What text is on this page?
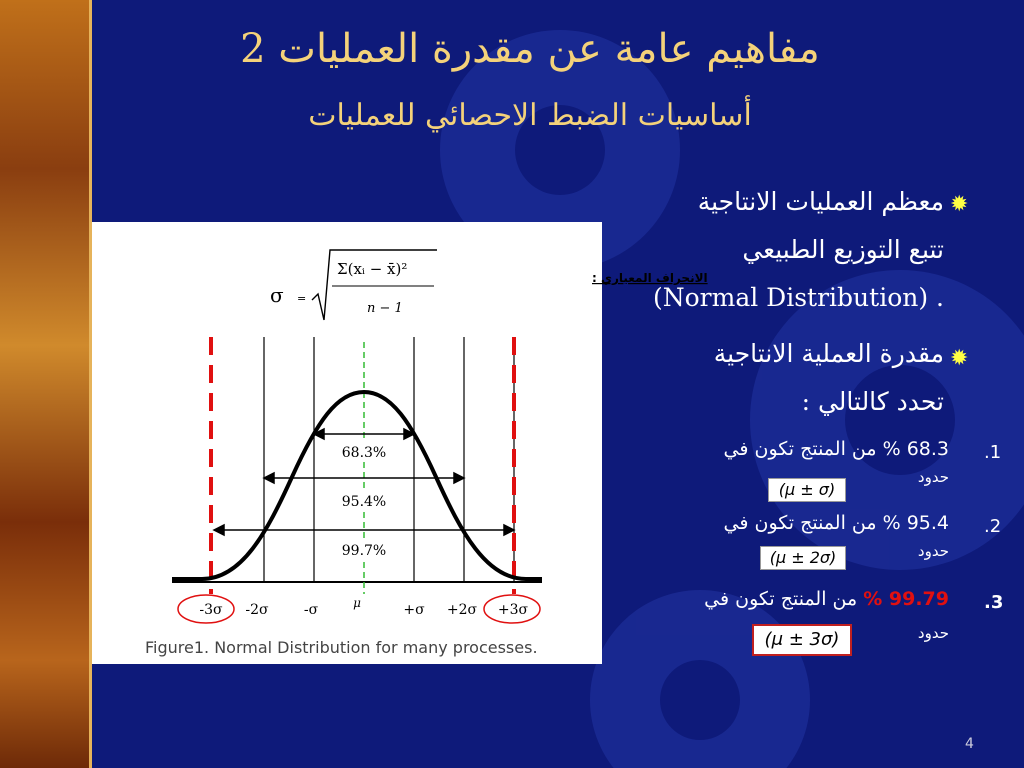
مفاهيم عامة عن مقدرة العمليات 2
أساسيات الضبط الاحصائي للعمليات
σ =
Σ(xᵢ − x̄)²
n − 1
الانحراف المعياري :
68.3%
95.4%
99.7%
-3σ -2σ	-σ	μ	+σ +2σ +3σ
Figure1. Normal Distribution for many processes.
✹
معظم العمليات الانتاجية
تتبع التوزيع الطبيعي
. (Normal Distribution)
✹
مقدرة العملية الانتاجية
تحدد كالتالي :
.1
68.3 % من المنتج تكون في
حدود
(μ ± σ)
.2
95.4 % من المنتج تكون في
حدود
(μ ± 2σ)
.3
99.79 % من المنتج تكون في
حدود
(μ ± 3σ)
4
